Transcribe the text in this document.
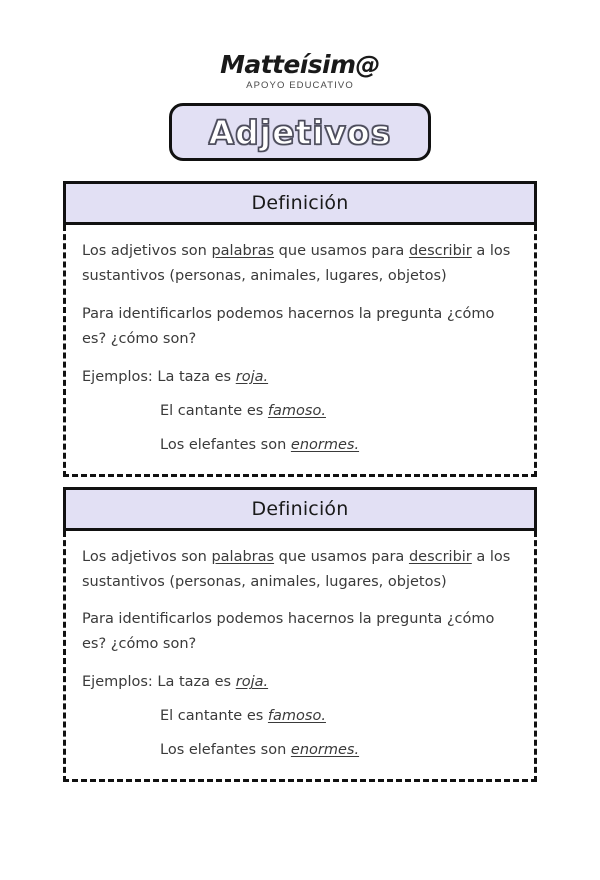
Matteísim@
APOYO EDUCATIVO
Adjetivos
Definición

Los adjetivos son palabras que usamos para describir a los sustantivos (personas, animales, lugares, objetos)

Para identificarlos podemos hacernos la pregunta ¿cómo es? ¿cómo son?

Ejemplos: La taza es roja.
El cantante es famoso.
Los elefantes son enormes.
Definición

Los adjetivos son palabras que usamos para describir a los sustantivos (personas, animales, lugares, objetos)

Para identificarlos podemos hacernos la pregunta ¿cómo es? ¿cómo son?

Ejemplos: La taza es roja.
El cantante es famoso.
Los elefantes son enormes.
